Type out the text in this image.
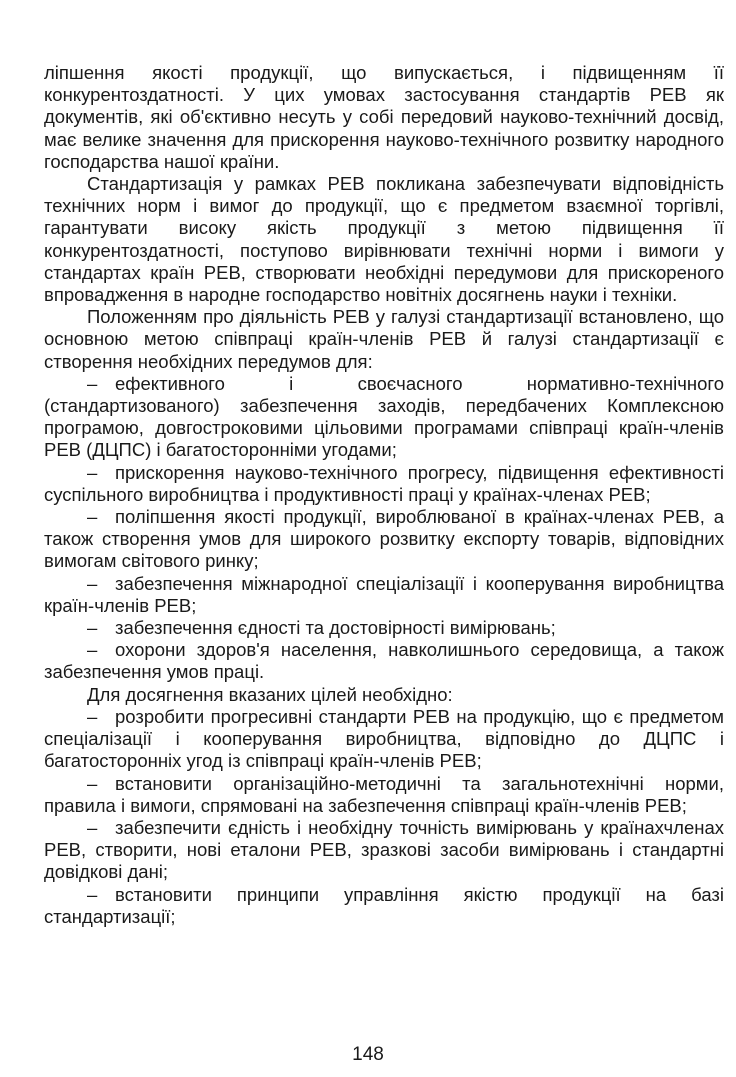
ліпшення якості продукції, що випускається, і підвищенням її конкурентоздатності. У цих умовах застосування стандартів РЕВ як документів, які об'єктивно несуть у собі передовий науково-технічний досвід, має велике значення для прискорення науково-технічного розвитку народного господарства нашої країни.

Стандартизація у рамках РЕВ покликана забезпечувати відповідність технічних норм і вимог до продукції, що є предметом взаємної торгівлі, гарантувати високу якість продукції з метою підвищення її конкурентоздатності, поступово вирівнювати технічні норми і вимоги у стандартах країн РЕВ, створювати необхідні передумови для прискореного впровадження в народне господарство новітніх досягнень науки і техніки.

Положенням про діяльність РЕВ у галузі стандартизації встановлено, що основною метою співпраці країн-членів РЕВ й галузі стандартизації є створення необхідних передумов для:

– ефективного і своєчасного нормативно-технічного (стандартизованого) забезпечення заходів, передбачених Комплексною програмою, довгостроковими цільовими програмами співпраці країн-членів РЕВ (ДЦПС) і багатосторонніми угодами;

– прискорення науково-технічного прогресу, підвищення ефективності суспільного виробництва і продуктивності праці у країнах-членах РЕВ;

– поліпшення якості продукції, вироблюваної в країнах-членах РЕВ, а також створення умов для широкого розвитку експорту товарів, відповідних вимогам світового ринку;

– забезпечення міжнародної спеціалізації і кооперування виробництва країн-членів РЕВ;

– забезпечення єдності та достовірності вимірювань;

– охорони здоров'я населення, навколишнього середовища, а також забезпечення умов праці.

Для досягнення вказаних цілей необхідно:

– розробити прогресивні стандарти РЕВ на продукцію, що є предметом спеціалізації і кооперування виробництва, відповідно до ДЦПС і багатосторонніх угод із співпраці країн-членів РЕВ;

– встановити організаційно-методичні та загальнотехнічні норми, правила і вимоги, спрямовані на забезпечення співпраці країн-членів РЕВ;

– забезпечити єдність і необхідну точність вимірювань у країнахчленах РЕВ, створити, нові еталони РЕВ, зразкові засоби вимірювань і стандартні довідкові дані;

– встановити принципи управління якістю продукції на базі стандартизації;

148
